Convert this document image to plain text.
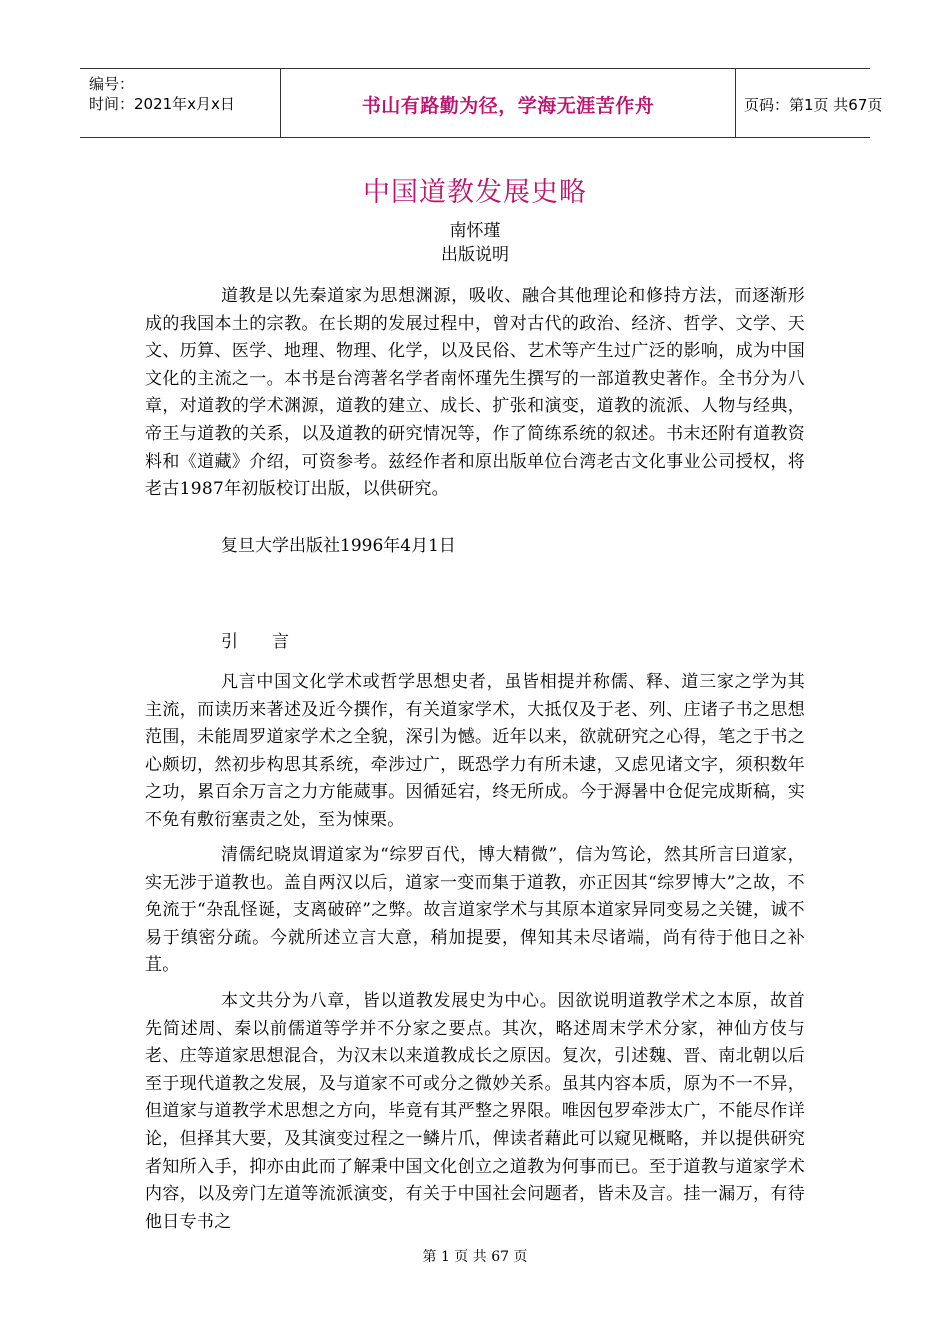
编号：
时间：2021年x月x日	书山有路勤为径，学海无涯苦作舟	页码：第1页 共67页
中国道教发展史略
南怀瑾
出版说明

道教是以先秦道家为思想渊源，吸收、融合其他理论和修持方法，而逐渐形成的我国本土的宗教。在长期的发展过程中，曾对古代的政治、经济、哲学、文学、天文、历算、医学、地理、物理、化学，以及民俗、艺术等产生过广泛的影响，成为中国文化的主流之一。本书是台湾著名学者南怀瑾先生撰写的一部道教史著作。全书分为八章，对道教的学术渊源，道教的建立、成长、扩张和演变，道教的流派、人物与经典，帝王与道教的关系，以及道教的研究情况等，作了简练系统的叙述。书末还附有道教资料和《道藏》介绍，可资参考。兹经作者和原出版单位台湾老古文化事业公司授权，将老古1987年初版校订出版，以供研究。

复旦大学出版社1996年4月1日
引　　言

凡言中国文化学术或哲学思想史者，虽皆相提并称儒、释、道三家之学为其主流，而读历来著述及近今撰作，有关道家学术，大抵仅及于老、列、庄诸子书之思想范围，未能周罗道家学术之全貌，深引为憾。近年以来，欲就研究之心得，笔之于书之心颇切，然初步构思其系统，牵涉过广，既恐学力有所未逮，又虑见诸文字，须积数年之功，累百余万言之力方能蒇事。因循延宕，终无所成。今于溽暑中仓促完成斯稿，实不免有敷衍塞责之处，至为悚栗。

清儒纪晓岚谓道家为“综罗百代，博大精微”，信为笃论，然其所言曰道家，实无涉于道教也。盖自两汉以后，道家一变而集于道教，亦正因其“综罗博大”之故，不免流于“杂乱怪诞，支离破碎”之弊。故言道家学术与其原本道家异同变易之关键，诚不易于缜密分疏。今就所述立言大意，稍加提要，俾知其未尽诸端，尚有待于他日之补苴。

本文共分为八章，皆以道教发展史为中心。因欲说明道教学术之本原，故首先简述周、秦以前儒道等学并不分家之要点。其次，略述周末学术分家，神仙方伎与老、庄等道家思想混合，为汉末以来道教成长之原因。复次，引述魏、晋、南北朝以后至于现代道教之发展，及与道家不可或分之微妙关系。虽其内容本质，原为不一不异，但道家与道教学术思想之方向，毕竟有其严整之界限。唯因包罗牵涉太广，不能尽作详论，但择其大要，及其演变过程之一鳞片爪，俾读者藉此可以窥见概略，并以提供研究者知所入手，抑亦由此而了解秉中国文化创立之道教为何事而已。至于道教与道家学术内容，以及旁门左道等流派演变，有关于中国社会问题者，皆未及言。挂一漏万，有待他日专书之

第 1 页 共 67 页
